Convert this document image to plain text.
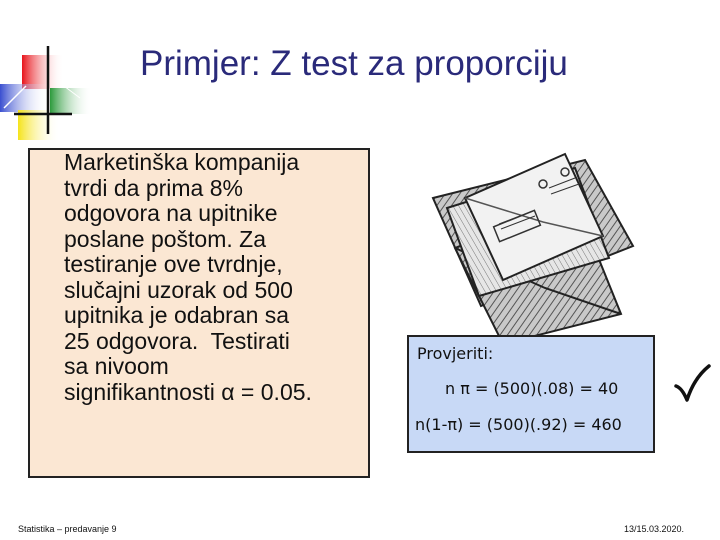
Primjer: Z test za proporciju
Marketinška kompanija
tvrdi da prima 8%
odgovora na upitnike
poslane poštom. Za
testiranje ove tvrdnje,
slučajni uzorak od 500
upitnika je odabran sa
25 odgovora.  Testirati
sa nivoom
signifikantnosti α = 0.05.
Provjeriti:
n π = (500)(.08) = 40
n(1-π) = (500)(.92) = 460
Statistika – predavanje 9	13/15.03.2020.
